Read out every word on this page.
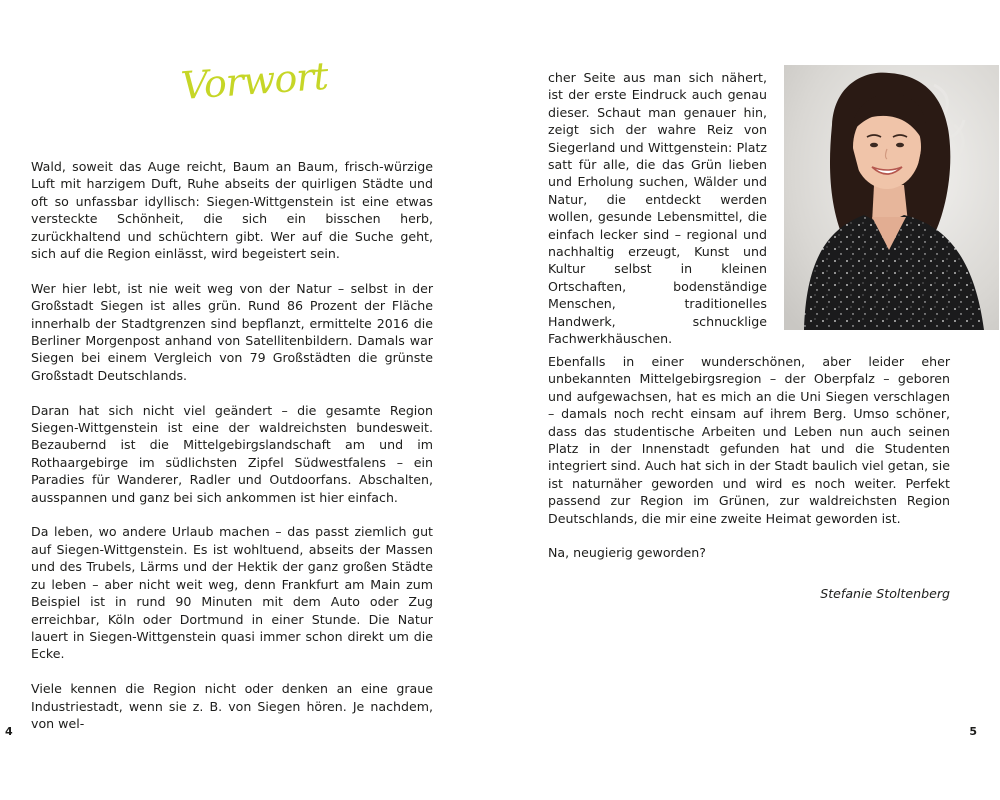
Vorwort

Wald, soweit das Auge reicht, Baum an Baum, frisch-würzige Luft mit harzigem Duft, Ruhe abseits der quirligen Städte und oft so unfassbar idyllisch: Siegen-Wittgenstein ist eine etwas versteckte Schönheit, die sich ein bisschen herb, zurückhaltend und schüchtern gibt. Wer auf die Suche geht, sich auf die Region einlässt, wird begeistert sein.

Wer hier lebt, ist nie weit weg von der Natur – selbst in der Großstadt Siegen ist alles grün. Rund 86 Prozent der Fläche innerhalb der Stadtgrenzen sind bepflanzt, ermittelte 2016 die Berliner Morgenpost anhand von Satellitenbildern. Damals war Siegen bei einem Vergleich von 79 Großstädten die grünste Großstadt Deutschlands.

Daran hat sich nicht viel geändert – die gesamte Region Siegen-Wittgenstein ist eine der waldreichsten bundesweit. Bezaubernd ist die Mittelgebirgslandschaft am und im Rothaargebirge im südlichsten Zipfel Südwestfalens – ein Paradies für Wanderer, Radler und Outdoorfans. Abschalten, ausspannen und ganz bei sich ankommen ist hier einfach.

Da leben, wo andere Urlaub machen – das passt ziemlich gut auf Siegen-Wittgenstein. Es ist wohltuend, abseits der Massen und des Trubels, Lärms und der Hektik der ganz großen Städte zu leben – aber nicht weit weg, denn Frankfurt am Main zum Beispiel ist in rund 90 Minuten mit dem Auto oder Zug erreichbar, Köln oder Dortmund in einer Stunde. Die Natur lauert in Siegen-Wittgenstein quasi immer schon direkt um die Ecke.

Viele kennen die Region nicht oder denken an eine graue Industriestadt, wenn sie z. B. von Siegen hören. Je nachdem, von wel-

4

cher Seite aus man sich nähert, ist der erste Eindruck auch genau dieser. Schaut man genauer hin, zeigt sich der wahre Reiz von Siegerland und Wittgenstein: Platz satt für alle, die das Grün lieben und Erholung suchen, Wälder und Natur, die entdeckt werden wollen, gesunde Lebensmittel, die einfach lecker sind – regional und nachhaltig erzeugt, Kunst und Kultur selbst in kleinen Ortschaften, bodenständige Menschen, traditionelles Handwerk, schnucklige Fachwerkhäuschen.

Ebenfalls in einer wunderschönen, aber leider eher unbekannten Mittelgebirgsregion – der Oberpfalz – geboren und aufgewachsen, hat es mich an die Uni Siegen verschlagen – damals noch recht einsam auf ihrem Berg. Umso schöner, dass das studentische Arbeiten und Leben nun auch seinen Platz in der Innenstadt gefunden hat und die Studenten integriert sind. Auch hat sich in der Stadt baulich viel getan, sie ist naturnäher geworden und wird es noch weiter. Perfekt passend zur Region im Grünen, zur waldreichsten Region Deutschlands, die mir eine zweite Heimat geworden ist.

Na, neugierig geworden?

Stefanie Stoltenberg
5
